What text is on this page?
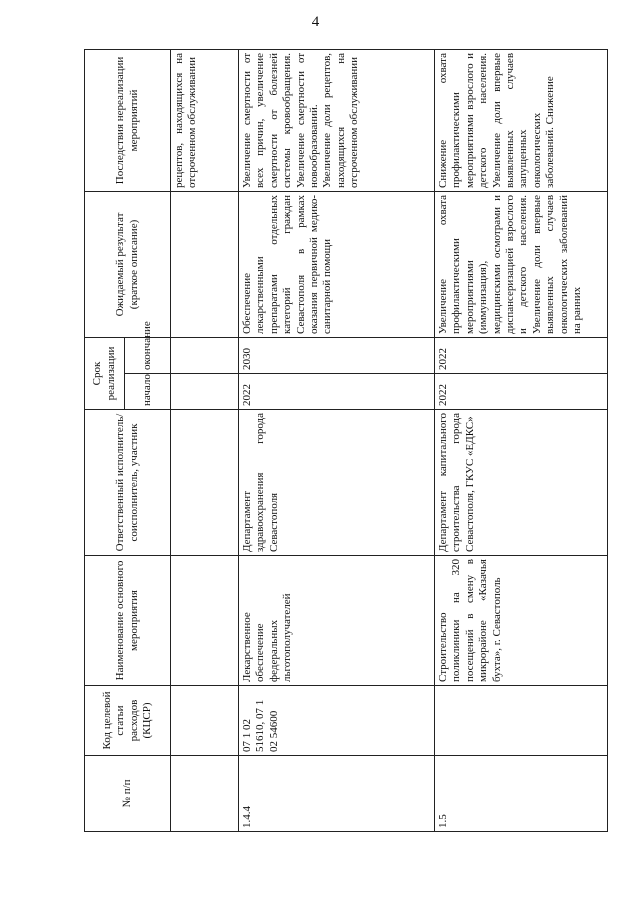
4
№ п/п	Код целевой статьи расходов (КЦСР)	Наименование основного мероприятия	Ответственный исполнитель/соисполнитель, участник	Срок реализации		Ожидаемый результат (краткое описание)	Последствия нереализации мероприятий
				начало	окончание		
							рецептов, находящихся на отсроченном обслуживании
1.4.4	07 1 02 51610, 07 1 02 54600	Лекарственное обеспечение федеральных льготополучателей	Департамент здравоохранения города Севастополя	2022	2030	Обеспечение лекарственными препаратами отдельных категорий граждан Севастополя в рамках оказания первичной медико-санитарной помощи	Увеличение смертности от всех причин, увеличение смертности от болезней системы кровообращения. Увеличение смертности от новообразований. Увеличение доли рецептов, находящихся на отсроченном обслуживании
1.5		Строительство поликлиники на 320 посещений в смену в микрорайоне «Казачья бухта», г. Севастополь	Департамент капитального строительства города Севастополя, ГКУС «ЕДКС»	2022	2022	Увеличение охвата профилактическими мероприятиями (иммунизация), медицинскими осмотрами и диспансеризацией взрослого и детского населения. Увеличение доли впервые выявленных случаев онкологических заболеваний на ранних	Снижение охвата профилактическими мероприятиями взрослого и детского населения. Увеличение доли впервые выявленных случаев запущенных онкологических заболеваний. Снижение
